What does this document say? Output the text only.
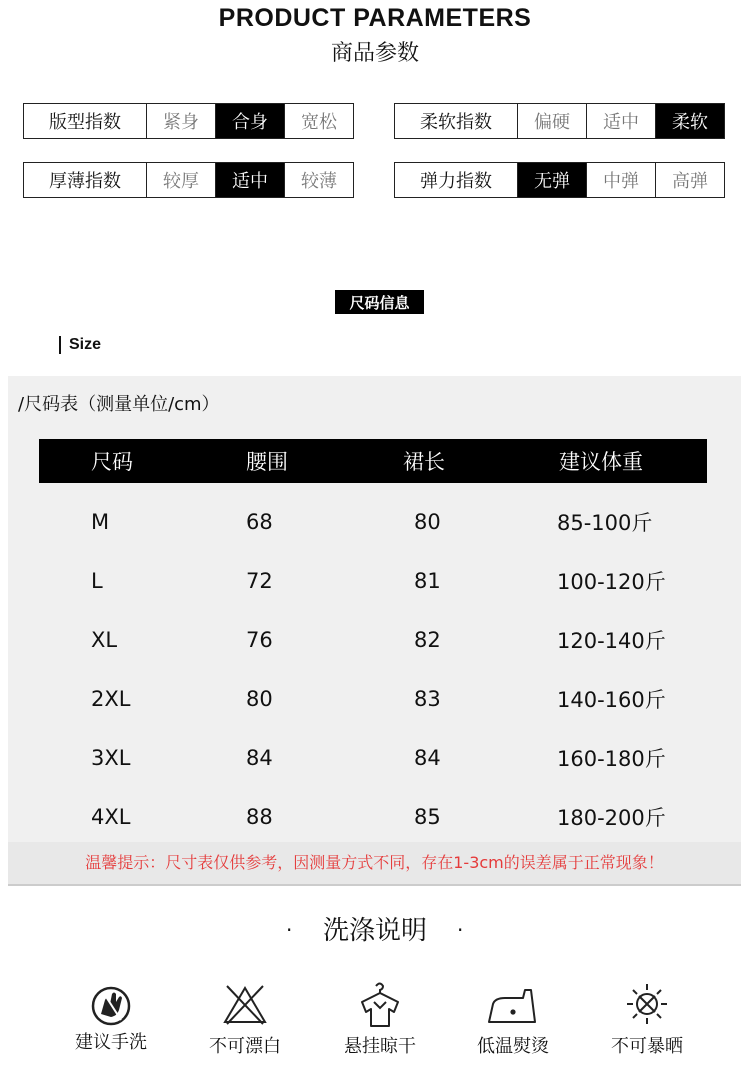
PRODUCT PARAMETERS
商品参数
版型指数	紧身	合身	宽松	柔软指数	偏硬	适中	柔软
厚薄指数	较厚	适中	较薄	弹力指数	无弹	中弹	高弹
尺码信息
Size
/尺码表（测量单位/cm）
尺码	腰围	裙长	建议体重
M	68	80	85-100斤
L	72	81	100-120斤
XL	76	82	120-140斤
2XL	80	83	140-160斤
3XL	84	84	160-180斤
4XL	88	85	180-200斤
温馨提示：尺寸表仅供参考，因测量方式不同，存在1-3cm的误差属于正常现象！
·	洗涤说明	·
建议手洗	不可漂白	悬挂晾干	低温熨烫	不可暴晒
